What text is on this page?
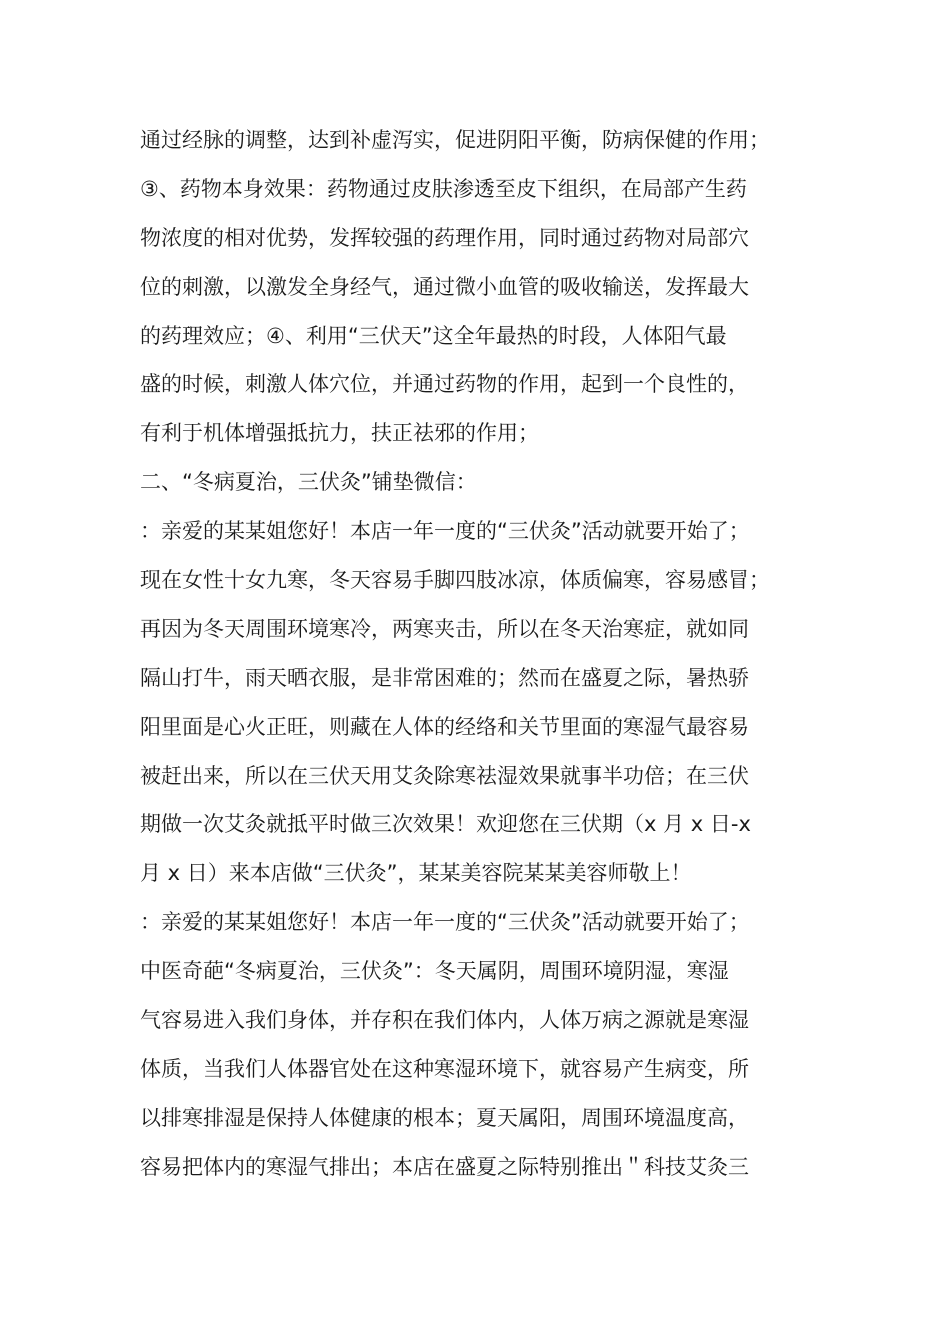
通过经脉的调整，达到补虚泻实，促进阴阳平衡，防病保健的作用；
③、药物本身效果：药物通过皮肤渗透至皮下组织，在局部产生药
物浓度的相对优势，发挥较强的药理作用，同时通过药物对局部穴
位的刺激，以激发全身经气，通过微小血管的吸收输送，发挥最大
的药理效应；④、利用“三伏天”这全年最热的时段，人体阳气最
盛的时候，刺激人体穴位，并通过药物的作用，起到一个良性的，
有利于机体增强抵抗力，扶正祛邪的作用；
二、“冬病夏治，三伏灸”铺垫微信：
：亲爱的某某姐您好！本店一年一度的“三伏灸”活动就要开始了；
现在女性十女九寒，冬天容易手脚四肢冰凉，体质偏寒，容易感冒；
再因为冬天周围环境寒冷，两寒夹击，所以在冬天治寒症，就如同
隔山打牛，雨天晒衣服，是非常困难的；然而在盛夏之际，暑热骄
阳里面是心火正旺，则藏在人体的经络和关节里面的寒湿气最容易
被赶出来，所以在三伏天用艾灸除寒祛湿效果就事半功倍；在三伏
期做一次艾灸就抵平时做三次效果！欢迎您在三伏期（x 月 x 日-x
月 x 日）来本店做“三伏灸”，某某美容院某某美容师敬上！
：亲爱的某某姐您好！本店一年一度的“三伏灸”活动就要开始了；
中医奇葩“冬病夏治，三伏灸”：冬天属阴，周围环境阴湿，寒湿
气容易进入我们身体，并存积在我们体内，人体万病之源就是寒湿
体质，当我们人体器官处在这种寒湿环境下，就容易产生病变，所
以排寒排湿是保持人体健康的根本；夏天属阳，周围环境温度高，
容易把体内的寒湿气排出；本店在盛夏之际特别推出＂科技艾灸三
